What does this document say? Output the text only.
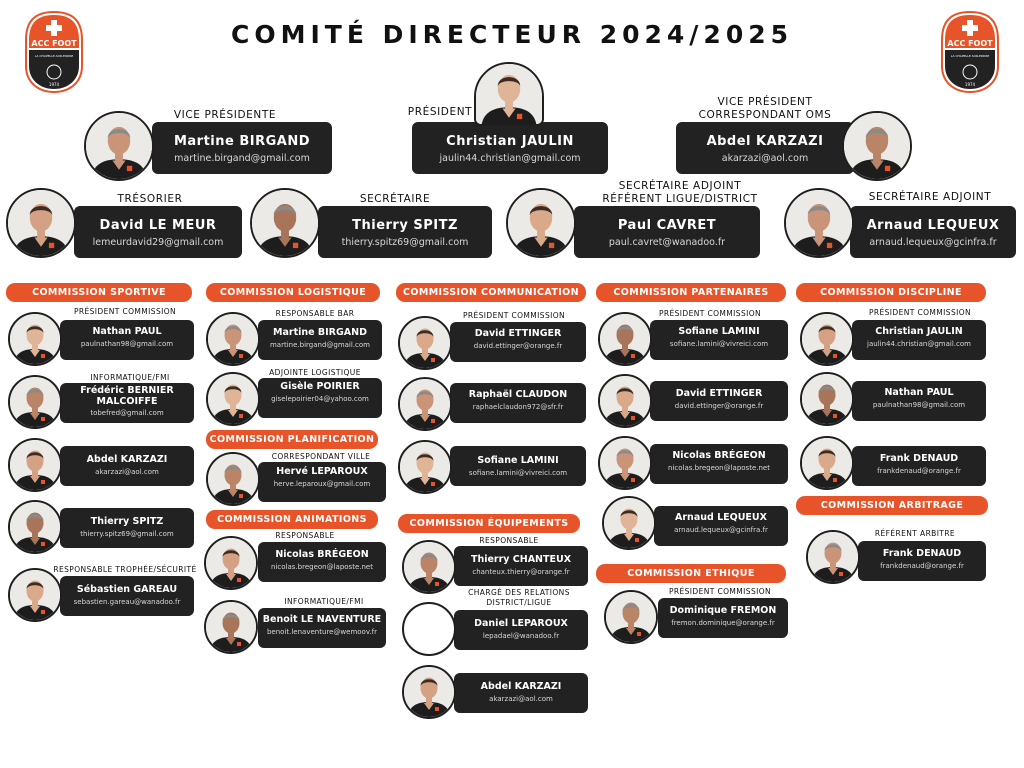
ACC FOOT
LA CHAPELLE-SUR-ERDRE
1974
ACC FOOT
LA CHAPELLE-SUR-ERDRE
1974
COMITÉ DIRECTEUR 2024/2025
VICE PRÉSIDENTE
Martine BIRGAND
martine.birgand@gmail.com
PRÉSIDENT
Christian JAULIN
jaulin44.christian@gmail.com
VICE PRÉSIDENT
CORRESPONDANT OMS
Abdel KARZAZI
akarzazi@aol.com
TRÉSORIER
David LE MEUR
lemeurdavid29@gmail.com
SECRÉTAIRE
Thierry SPITZ
thierry.spitz69@gmail.com
SECRÉTAIRE ADJOINT
RÉFÉRENT LIGUE/DISTRICT
Paul CAVRET
paul.cavret@wanadoo.fr
SECRÉTAIRE ADJOINT
Arnaud LEQUEUX
arnaud.lequeux@gcinfra.fr
COMMISSION SPORTIVE
PRÉSIDENT COMMISSION
Nathan PAUL
paulnathan98@gmail.com
INFORMATIQUE/FMI
Frédéric BERNIER
MALCOIFFE
tobefred@gmail.com
Abdel KARZAZI
akarzazi@aol.com
Thierry SPITZ
thierry.spitz69@gmail.com
RESPONSABLE TROPHÉE/SÉCURITÉ
Sébastien GAREAU
sebastien.gareau@wanadoo.fr
COMMISSION LOGISTIQUE
RESPONSABLE BAR
Martine BIRGAND
martine.birgand@gmail.com
ADJOINTE LOGISTIQUE
Gisèle POIRIER
giselepoirier04@yahoo.com
COMMISSION PLANIFICATION
CORRESPONDANT VILLE
Hervé LEPAROUX
herve.leparoux@gmail.com
COMMISSION ANIMATIONS
RESPONSABLE
Nicolas BRÉGEON
nicolas.bregeon@laposte.net
INFORMATIQUE/FMI
Benoit LE NAVENTURE
benoit.lenaventure@wemoov.fr
COMMISSION COMMUNICATION
PRÉSIDENT COMMISSION
David ETTINGER
david.ettinger@orange.fr
Raphaël CLAUDON
raphaelclaudon972@sfr.fr
Sofiane LAMINI
sofiane.lamini@vivreici.com
COMMISSION ÉQUIPEMENTS
RESPONSABLE
Thierry CHANTEUX
chanteux.thierry@orange.fr
CHARGÉ DES RELATIONS
DISTRICT/LIGUE
Daniel LEPAROUX
lepadael@wanadoo.fr
Abdel KARZAZI
akarzazi@aol.com
COMMISSION PARTENAIRES
PRÉSIDENT COMMISSION
Sofiane LAMINI
sofiane.lamini@vivreici.com
David ETTINGER
david.ettinger@orange.fr
Nicolas BRÉGEON
nicolas.bregeon@laposte.net
Arnaud LEQUEUX
arnaud.lequeux@gcinfra.fr
COMMISSION ETHIQUE
PRÉSIDENT COMMISSION
Dominique FREMON
fremon.dominique@orange.fr
COMMISSION DISCIPLINE
PRÉSIDENT COMMISSION
Christian JAULIN
jaulin44.christian@gmail.com
Nathan PAUL
paulnathan98@gmail.com
Frank DENAUD
frankdenaud@orange.fr
COMMISSION ARBITRAGE
RÉFÉRENT ARBITRE
Frank DENAUD
frankdenaud@orange.fr
